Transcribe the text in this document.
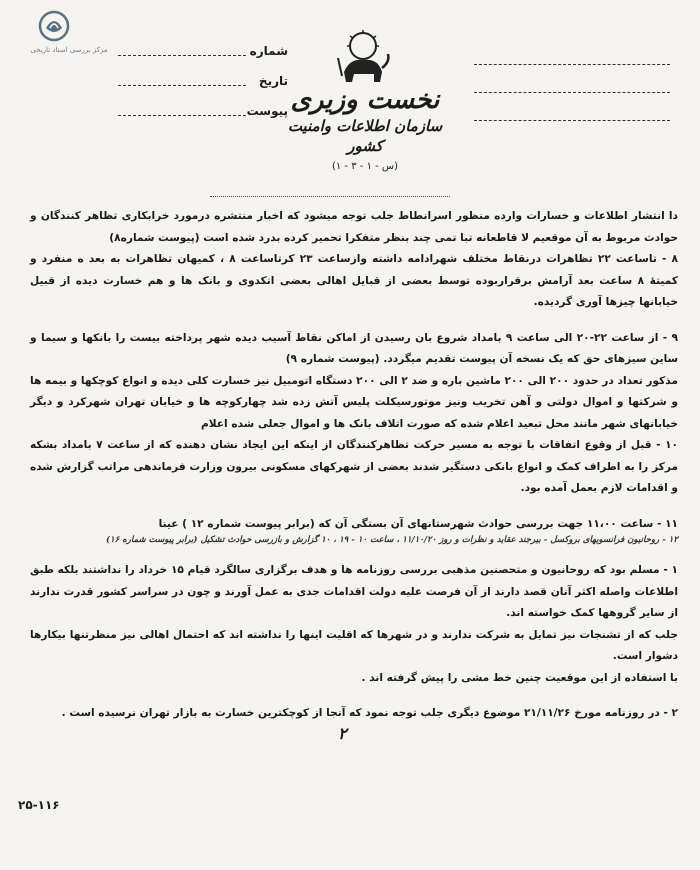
مرکز بررسی اسناد تاریخی	شماره
تاریخ
پیوست نخست وزیری
سازمان اطلاعات وامنیت کشور
(س - ۱ - ۳ - ۱)

دا انتشار اطلاعات و خسارات وارده منظور اسرانطاط جلب توجه میشود که اخبار منتشره درمورد خرابکاری تظاهر کنندگان و حوادث مربوط به آن موقعیم لا قاطعانه تبا تمی چند بنظر متفکرا تحمیر کرده بدرد شده است (پیوست شماره۸)

۸ - تاساعت ۲۲ تظاهرات درنقاط مختلف شهرادامه داشته وازساعت ۲۳ کرتاساعت ۸ ، کمیهان تظاهرات به بعد ه منفرد و کمیتهٔ ۸ ساعت بعد آرامش برقراربوده توسط بعضی از قبایل اهالی بعضی اتکدوی و بانک ها و هم خسارت دیده از قبیل خیابانها چیزها آوری گردیده.

۹ - از ساعت ۲۲-۲۰ الی ساعت ۹ بامداد شروع بان رسیدن از اماکن نقاط آسیب دیده شهر پرداخته بیست را بانکها و سیما و ساین سیزهای حق که یک نسخه آن پیوست تقدیم میگردد. (پیوست شماره ۹)

مذکور تعداد در حدود ۲۰۰ الی ۲۰۰ ماشین باره و ضد ۲ الی ۲۰۰ دستگاه اتومبیل نیز خسارت کلی دیده و انواع کوچکها و بیمه ها و شرکتها و اموال دولتی و آهن تخریب ونیز موتورسیکلت پلیس آتش زده شد چهارکوچه ها و خیابان تهران شهرکرد و دیگر خیابانهای شهر مانند محل تبعید اعلام شده که صورت اتلاف بانک ها و اموال جعلی شده اعلام

۱۰ - قبل از وقوع اتفاقات با توجه به مسیر حرکت تظاهرکنندگان از اینکه این ایجاد نشان دهنده که از ساعت ۷ بامداد بشکه مرکز را به اطراف کمک و انواع بانکی دستگیر شدند بعضی از شهرکهای مسکونی بیرون وزارت فرماندهی مراتب گزارش شده و اقدامات لازم بعمل آمده بود.

۱۱ - ساعت ۱۱،۰۰ جهت بررسی حوادث شهرستانهای آن بستگی آن که (برابر پیوست شماره ۱۲ ) عینا

۱۲ - روحانیون فرانسویهای بروکسل - بیرجند عقاید و نظرات و روز ۱۱/۱۰/۲۰ ، ساعت ۱۰ - ۱۹ ، ۱۰ گزارش و بازرسی حوادث تشکیل (برابر پیوست شماره ۱۶)

۱ - مسلم بود که روحانیون و متحصنین مذهبی بررسی روزنامه ها و هدف برگزاری سالگرد قیام ۱۵ خرداد را نداشتند بلکه طبق اطلاعات واصله اکثر آنان قصد دارند از آن فرصت علیه دولت اقدامات جدی به عمل آورند و چون در سراسر کشور قدرت ندارند از سایر گروهها کمک خواسته اند.

جلب که از تشنجات نیز تمایل به شرکت ندارند و در شهرها که اقلیت اینها را نداشته اند که احتمال اهالی نیز منظرتنها بیکارها دشوار است.

با استفاده از این موقعیت چنین خط مشی را پیش گرفته اند .

۲ - در روزنامه مورخ ۲۱/۱۱/۲۶ موضوع دیگری جلب توجه نمود که آنجا از کوچکترین خسارت به بازار تهران نرسیده است .

۲
۲۵-۱۱۶
